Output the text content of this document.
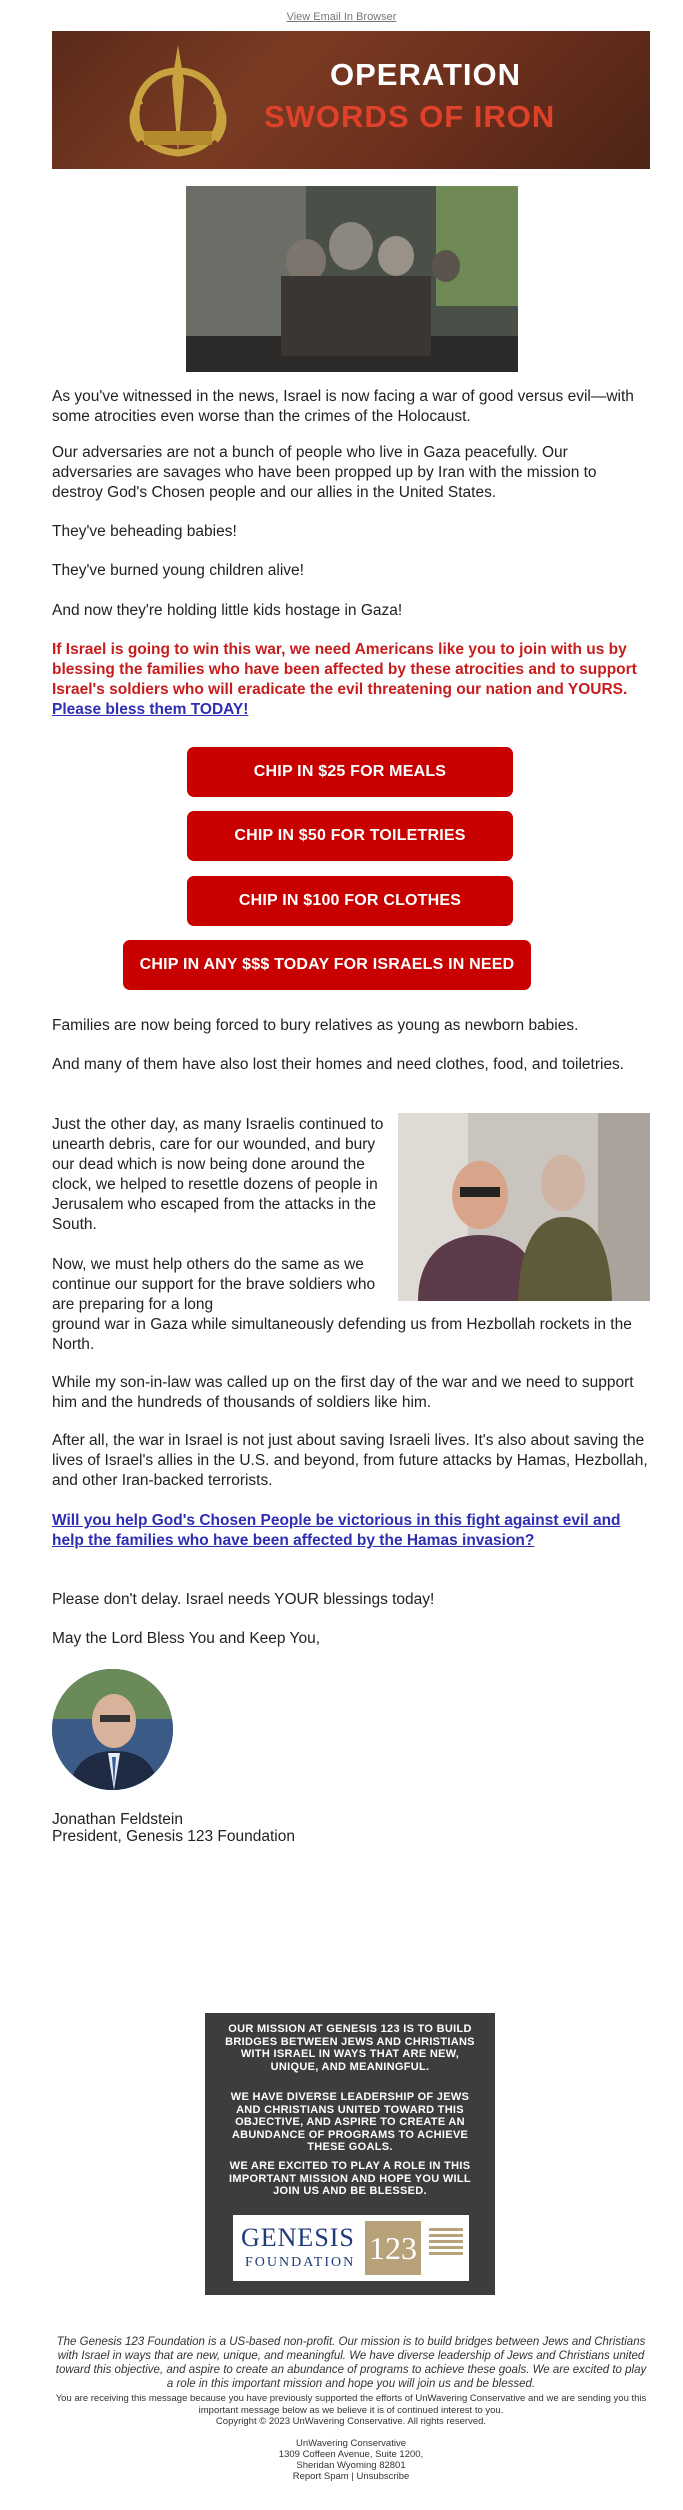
View Email In Browser
OPERATION
SWORDS OF IRON

As you've witnessed in the news, Israel is now facing a war of good versus evil—with some atrocities even worse than the crimes of the Holocaust.

Our adversaries are not a bunch of people who live in Gaza peacefully. Our adversaries are savages who have been propped up by Iran with the mission to destroy God's Chosen people and our allies in the United States.

They've beheading babies!

They've burned young children alive!

And now they're holding little kids hostage in Gaza!

If Israel is going to win this war, we need Americans like you to join with us by blessing the families who have been affected by these atrocities and to support Israel's soldiers who will eradicate the evil threatening our nation and YOURS. Please bless them TODAY!

CHIP IN $25 FOR MEALS
CHIP IN $50 FOR TOILETRIES
CHIP IN $100 FOR CLOTHES
CHIP IN ANY $$$ TODAY FOR ISRAELS IN NEED

Families are now being forced to bury relatives as young as newborn babies.

And many of them have also lost their homes and need clothes, food, and toiletries.

Just the other day, as many Israelis continued to unearth debris, care for our wounded, and bury our dead which is now being done around the clock, we helped to resettle dozens of people in Jerusalem who escaped from the attacks in the South.

Now, we must help others do the same as we continue our support for the brave soldiers who are preparing for a long

ground war in Gaza while simultaneously defending us from Hezbollah rockets in the North.

While my son-in-law was called up on the first day of the war and we need to support him and the hundreds of thousands of soldiers like him.

After all, the war in Israel is not just about saving Israeli lives. It's also about saving the lives of Israel's allies in the U.S. and beyond, from future attacks by Hamas, Hezbollah, and other Iran-backed terrorists.

Will you help God's Chosen People be victorious in this fight against evil and help the families who have been affected by the Hamas invasion?

Please don't delay. Israel needs YOUR blessings today!

May the Lord Bless You and Keep You,

Jonathan Feldstein

President, Genesis 123 Foundation

OUR MISSION AT GENESIS 123 IS TO BUILD BRIDGES BETWEEN JEWS AND CHRISTIANS WITH ISRAEL IN WAYS THAT ARE NEW, UNIQUE, AND MEANINGFUL.

WE HAVE DIVERSE LEADERSHIP OF JEWS AND CHRISTIANS UNITED TOWARD THIS OBJECTIVE, AND ASPIRE TO CREATE AN ABUNDANCE OF PROGRAMS TO ACHIEVE THESE GOALS.

WE ARE EXCITED TO PLAY A ROLE IN THIS IMPORTANT MISSION AND HOPE YOU WILL JOIN US AND BE BLESSED.

GENESIS
FOUNDATION 123
The Genesis 123 Foundation is a US-based non-profit. Our mission is to build bridges between Jews and Christians with Israel in ways that are new, unique, and meaningful. We have diverse leadership of Jews and Christians united toward this objective, and aspire to create an abundance of programs to achieve these goals. We are excited to play a role in this important mission and hope you will join us and be blessed.
You are receiving this message because you have previously supported the efforts of UnWavering Conservative and we are sending you this important message below as we believe it is of continued interest to you.
Copyright © 2023 UnWavering Conservative. All rights reserved.
UnWavering Conservative
1309 Coffeen Avenue, Suite 1200,
Sheridan Wyoming 82801
Report Spam | Unsubscribe
